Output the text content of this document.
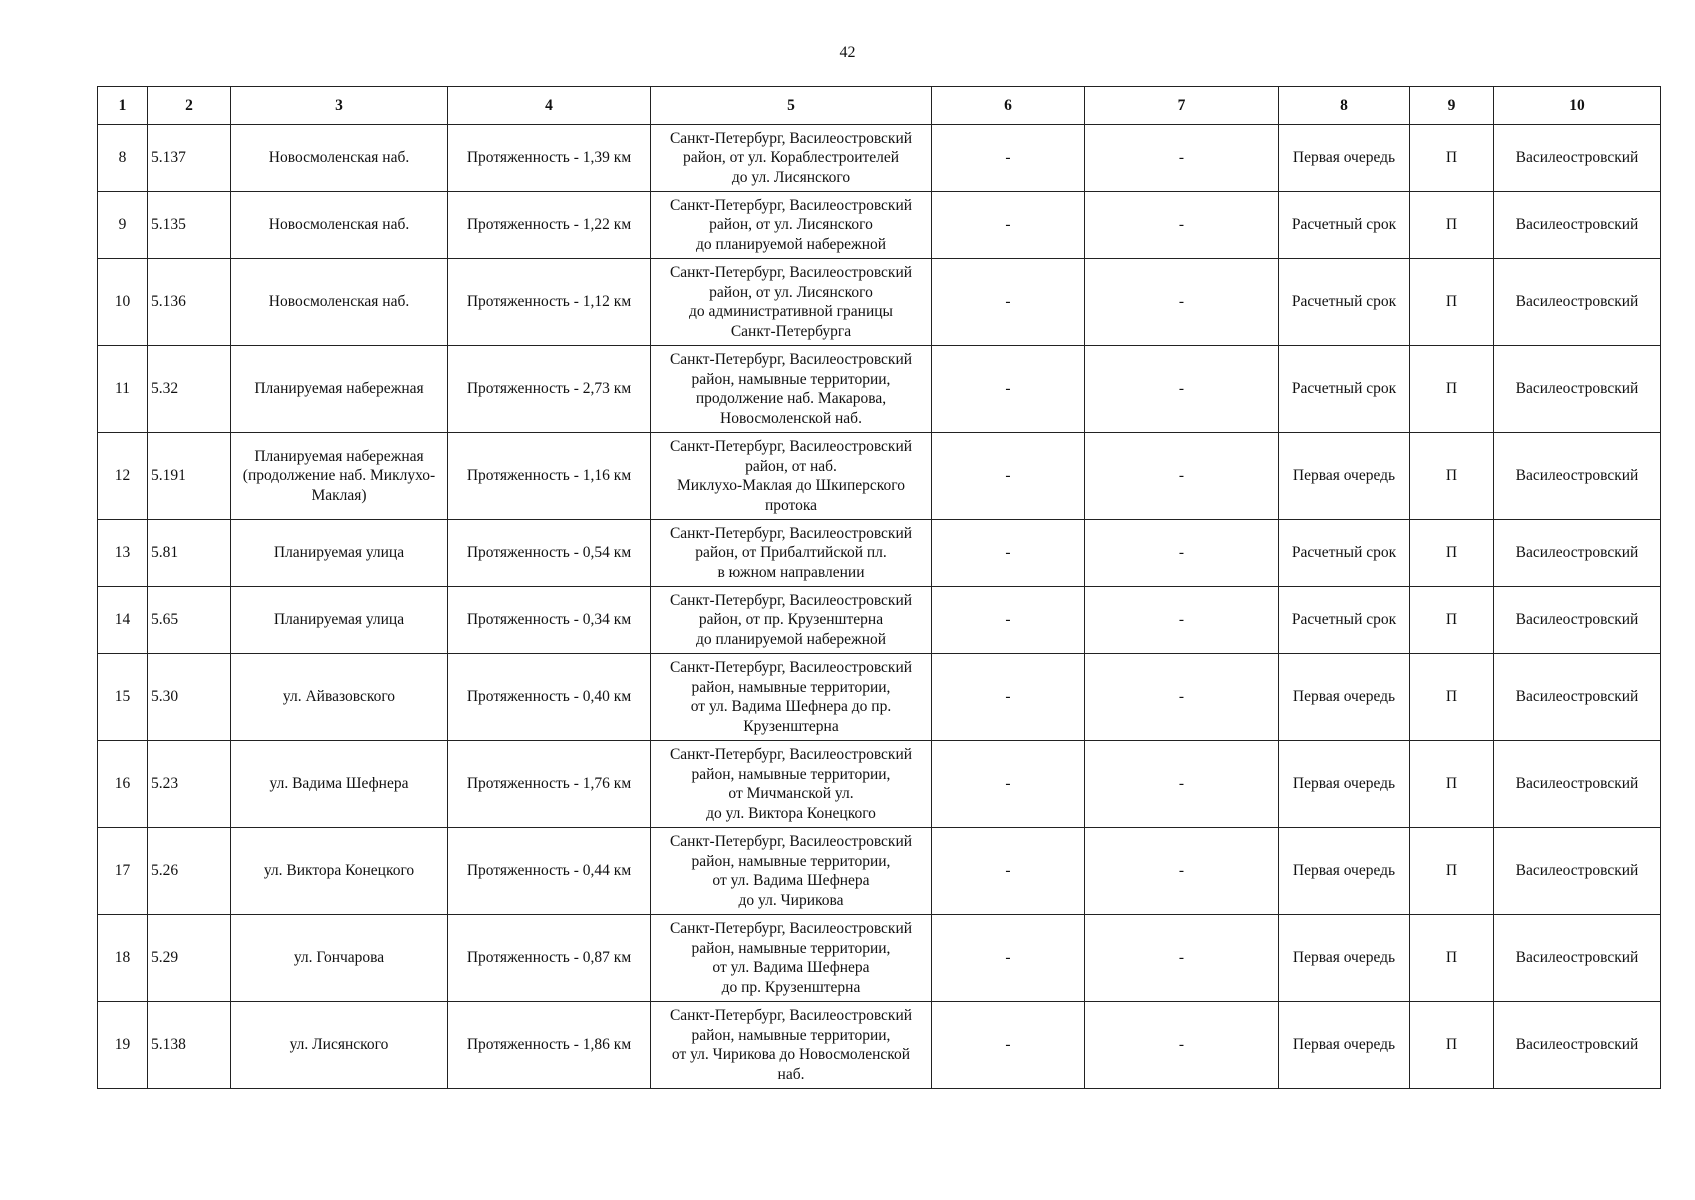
42
1	2	3	4	5	6	7	8	9	10
8	5.137	Новосмоленская наб.	Протяженность - 1,39 км	Санкт-Петербург, Василеостровский
район, от ул. Кораблестроителей
до ул. Лисянского	-	-	Первая очередь	П	Василеостровский
9	5.135	Новосмоленская наб.	Протяженность - 1,22 км	Санкт-Петербург, Василеостровский
район, от ул. Лисянского
до планируемой набережной	-	-	Расчетный срок	П	Василеостровский
10	5.136	Новосмоленская наб.	Протяженность - 1,12 км	Санкт-Петербург, Василеостровский
район, от ул. Лисянского
до административной границы
Санкт-Петербурга	-	-	Расчетный срок	П	Василеостровский
11	5.32	Планируемая набережная	Протяженность - 2,73 км	Санкт-Петербург, Василеостровский
район, намывные территории,
продолжение наб. Макарова,
Новосмоленской наб.	-	-	Расчетный срок	П	Василеостровский
12	5.191	Планируемая набережная (продолжение наб. Миклухо-Маклая)	Протяженность - 1,16 км	Санкт-Петербург, Василеостровский
район, от наб.
Миклухо-Маклая до Шкиперского
протока	-	-	Первая очередь	П	Василеостровский
13	5.81	Планируемая улица	Протяженность - 0,54 км	Санкт-Петербург, Василеостровский
район, от Прибалтийской пл.
в южном направлении	-	-	Расчетный срок	П	Василеостровский
14	5.65	Планируемая улица	Протяженность - 0,34 км	Санкт-Петербург, Василеостровский
район, от пр. Крузенштерна
до планируемой набережной	-	-	Расчетный срок	П	Василеостровский
15	5.30	ул. Айвазовского	Протяженность - 0,40 км	Санкт-Петербург, Василеостровский
район, намывные территории,
от ул. Вадима Шефнера до пр.
Крузенштерна	-	-	Первая очередь	П	Василеостровский
16	5.23	ул. Вадима Шефнера	Протяженность - 1,76 км	Санкт-Петербург, Василеостровский
район, намывные территории,
от Мичманской ул.
до ул. Виктора Конецкого	-	-	Первая очередь	П	Василеостровский
17	5.26	ул. Виктора Конецкого	Протяженность - 0,44 км	Санкт-Петербург, Василеостровский
район, намывные территории,
от ул. Вадима Шефнера
до ул. Чирикова	-	-	Первая очередь	П	Василеостровский
18	5.29	ул. Гончарова	Протяженность - 0,87 км	Санкт-Петербург, Василеостровский
район, намывные территории,
от ул. Вадима Шефнера
до пр. Крузенштерна	-	-	Первая очередь	П	Василеостровский
19	5.138	ул. Лисянского	Протяженность - 1,86 км	Санкт-Петербург, Василеостровский
район, намывные территории,
от ул. Чирикова до Новосмоленской
наб.	-	-	Первая очередь	П	Василеостровский
